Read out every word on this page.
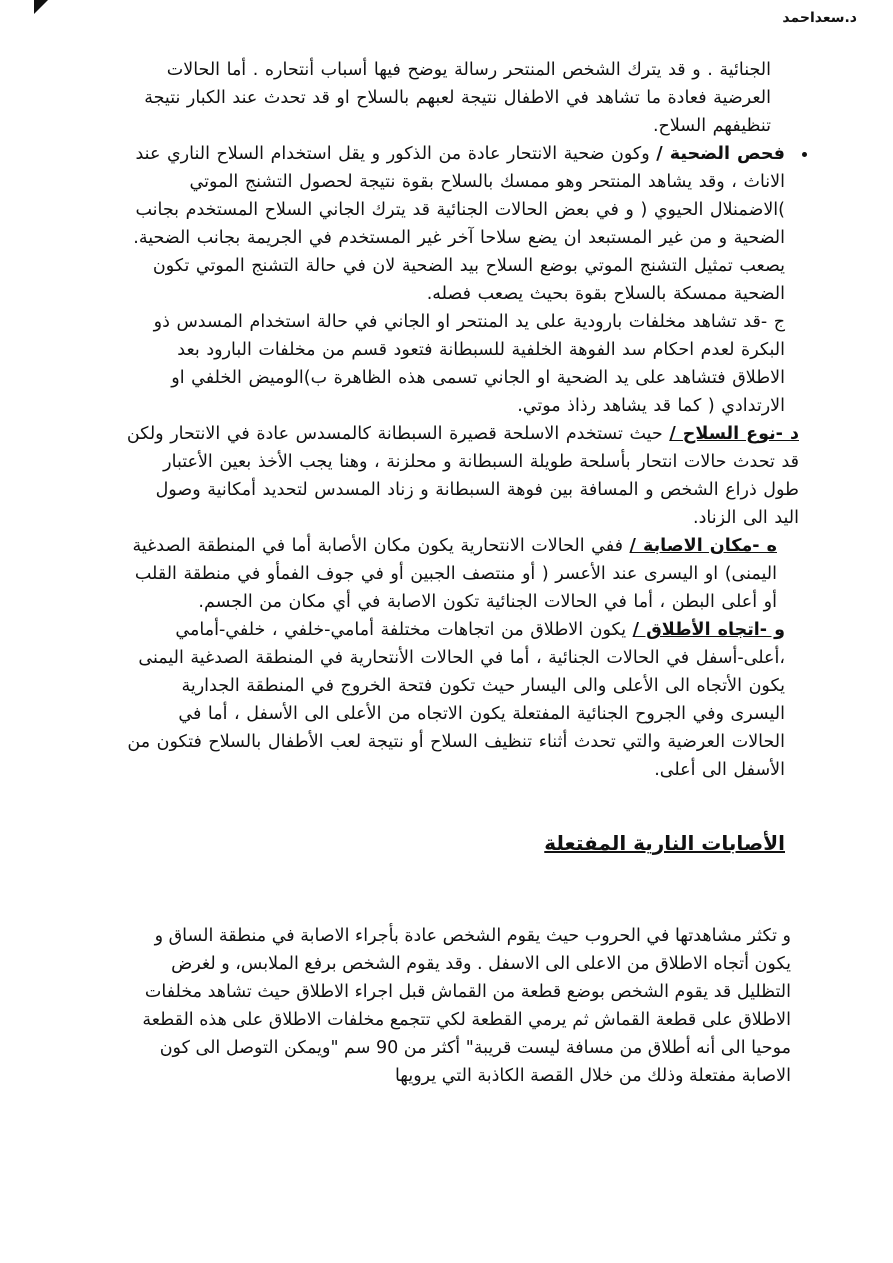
د.سعداحمد

الجنائية . و قد يترك الشخص المنتحر رسالة يوضح فيها أسباب أنتحاره . أما الحالات العرضية فعادة ما تشاهد في الاطفال نتيجة لعبهم بالسلاح او قد تحدث عند الكبار نتيجة تنظيفهم السلاح.

فحص الضحية / وكون ضحية الانتحار عادة من الذكور و يقل استخدام السلاح الناري عند الاناث ، وقد يشاهد المنتحر وهو ممسك بالسلاح بقوة نتيجة لحصول التشنج الموتي )الاضمنلال الحيوي ( و في بعض الحالات الجنائية قد يترك الجاني السلاح المستخدم بجانب الضحية و من غير المستبعد ان يضع سلاحا آخر غير المستخدم في الجريمة بجانب الضحية.

يصعب تمثيل التشنج الموتي بوضع السلاح بيد الضحية لان في حالة التشنج الموتي تكون الضحية ممسكة بالسلاح بقوة بحيث يصعب فصله.

ج -قد تشاهد مخلفات بارودية على يد المنتحر او الجاني في حالة استخدام المسدس ذو البكرة لعدم احكام سد الفوهة الخلفية للسبطانة فتعود قسم من مخلفات البارود بعد الاطلاق فتشاهد على يد الضحية او الجاني تسمى هذه الظاهرة ب)الوميض الخلفي او الارتدادي ( كما قد يشاهد رذاذ موتي.

د -نوع السلاح / حيث تستخدم الاسلحة قصيرة السبطانة كالمسدس عادة في الانتحار ولكن قد تحدث حالات انتحار بأسلحة طويلة السبطانة و محلزنة ، وهنا يجب الأخذ بعين الأعتبار طول ذراع الشخص و المسافة بين فوهة السبطانة و زناد المسدس لتحديد أمكانية وصول اليد الى الزناد.

ه -مكان الاصابة / ففي الحالات الانتحارية يكون مكان الأصابة أما في المنطقة الصدغية اليمنى) او اليسرى عند الأعسر ( أو منتصف الجبين أو في جوف الفمأو في منطقة القلب أو أعلى البطن ، أما في الحالات الجنائية تكون الاصابة في أي مكان من الجسم.

و -اتجاه الأطلاق / يكون الاطلاق من اتجاهات مختلفة أمامي-خلفي ، خلفي-أمامي ،أعلى-أسفل في الحالات الجنائية ، أما في الحالات الأنتحارية في المنطقة الصدغية اليمنى يكون الأتجاه الى الأعلى والى اليسار حيث تكون فتحة الخروج في المنطقة الجدارية اليسرى وفي الجروح الجنائية المفتعلة يكون الاتجاه من الأعلى الى الأسفل ، أما في الحالات العرضية والتي تحدث أثناء تنظيف السلاح أو نتيجة لعب الأطفال بالسلاح فتكون من الأسفل الى أعلى.

الأصابات النارية المفتعلة

و تكثر مشاهدتها في الحروب حيث يقوم الشخص عادة بأجراء الاصابة في منطقة الساق و يكون أتجاه الاطلاق من الاعلى الى الاسفل . وقد يقوم الشخص برفع الملابس، و لغرض التظليل قد يقوم الشخص بوضع قطعة من القماش قبل اجراء الاطلاق حيث تشاهد مخلفات الاطلاق على قطعة القماش ثم يرمي القطعة لكي تتجمع مخلفات الاطلاق على هذه القطعة موحيا الى أنه أطلاق من مسافة ليست قريبة" أكثر من 90 سم "ويمكن التوصل الى كون الاصابة مفتعلة وذلك من خلال القصة الكاذبة التي يرويها
